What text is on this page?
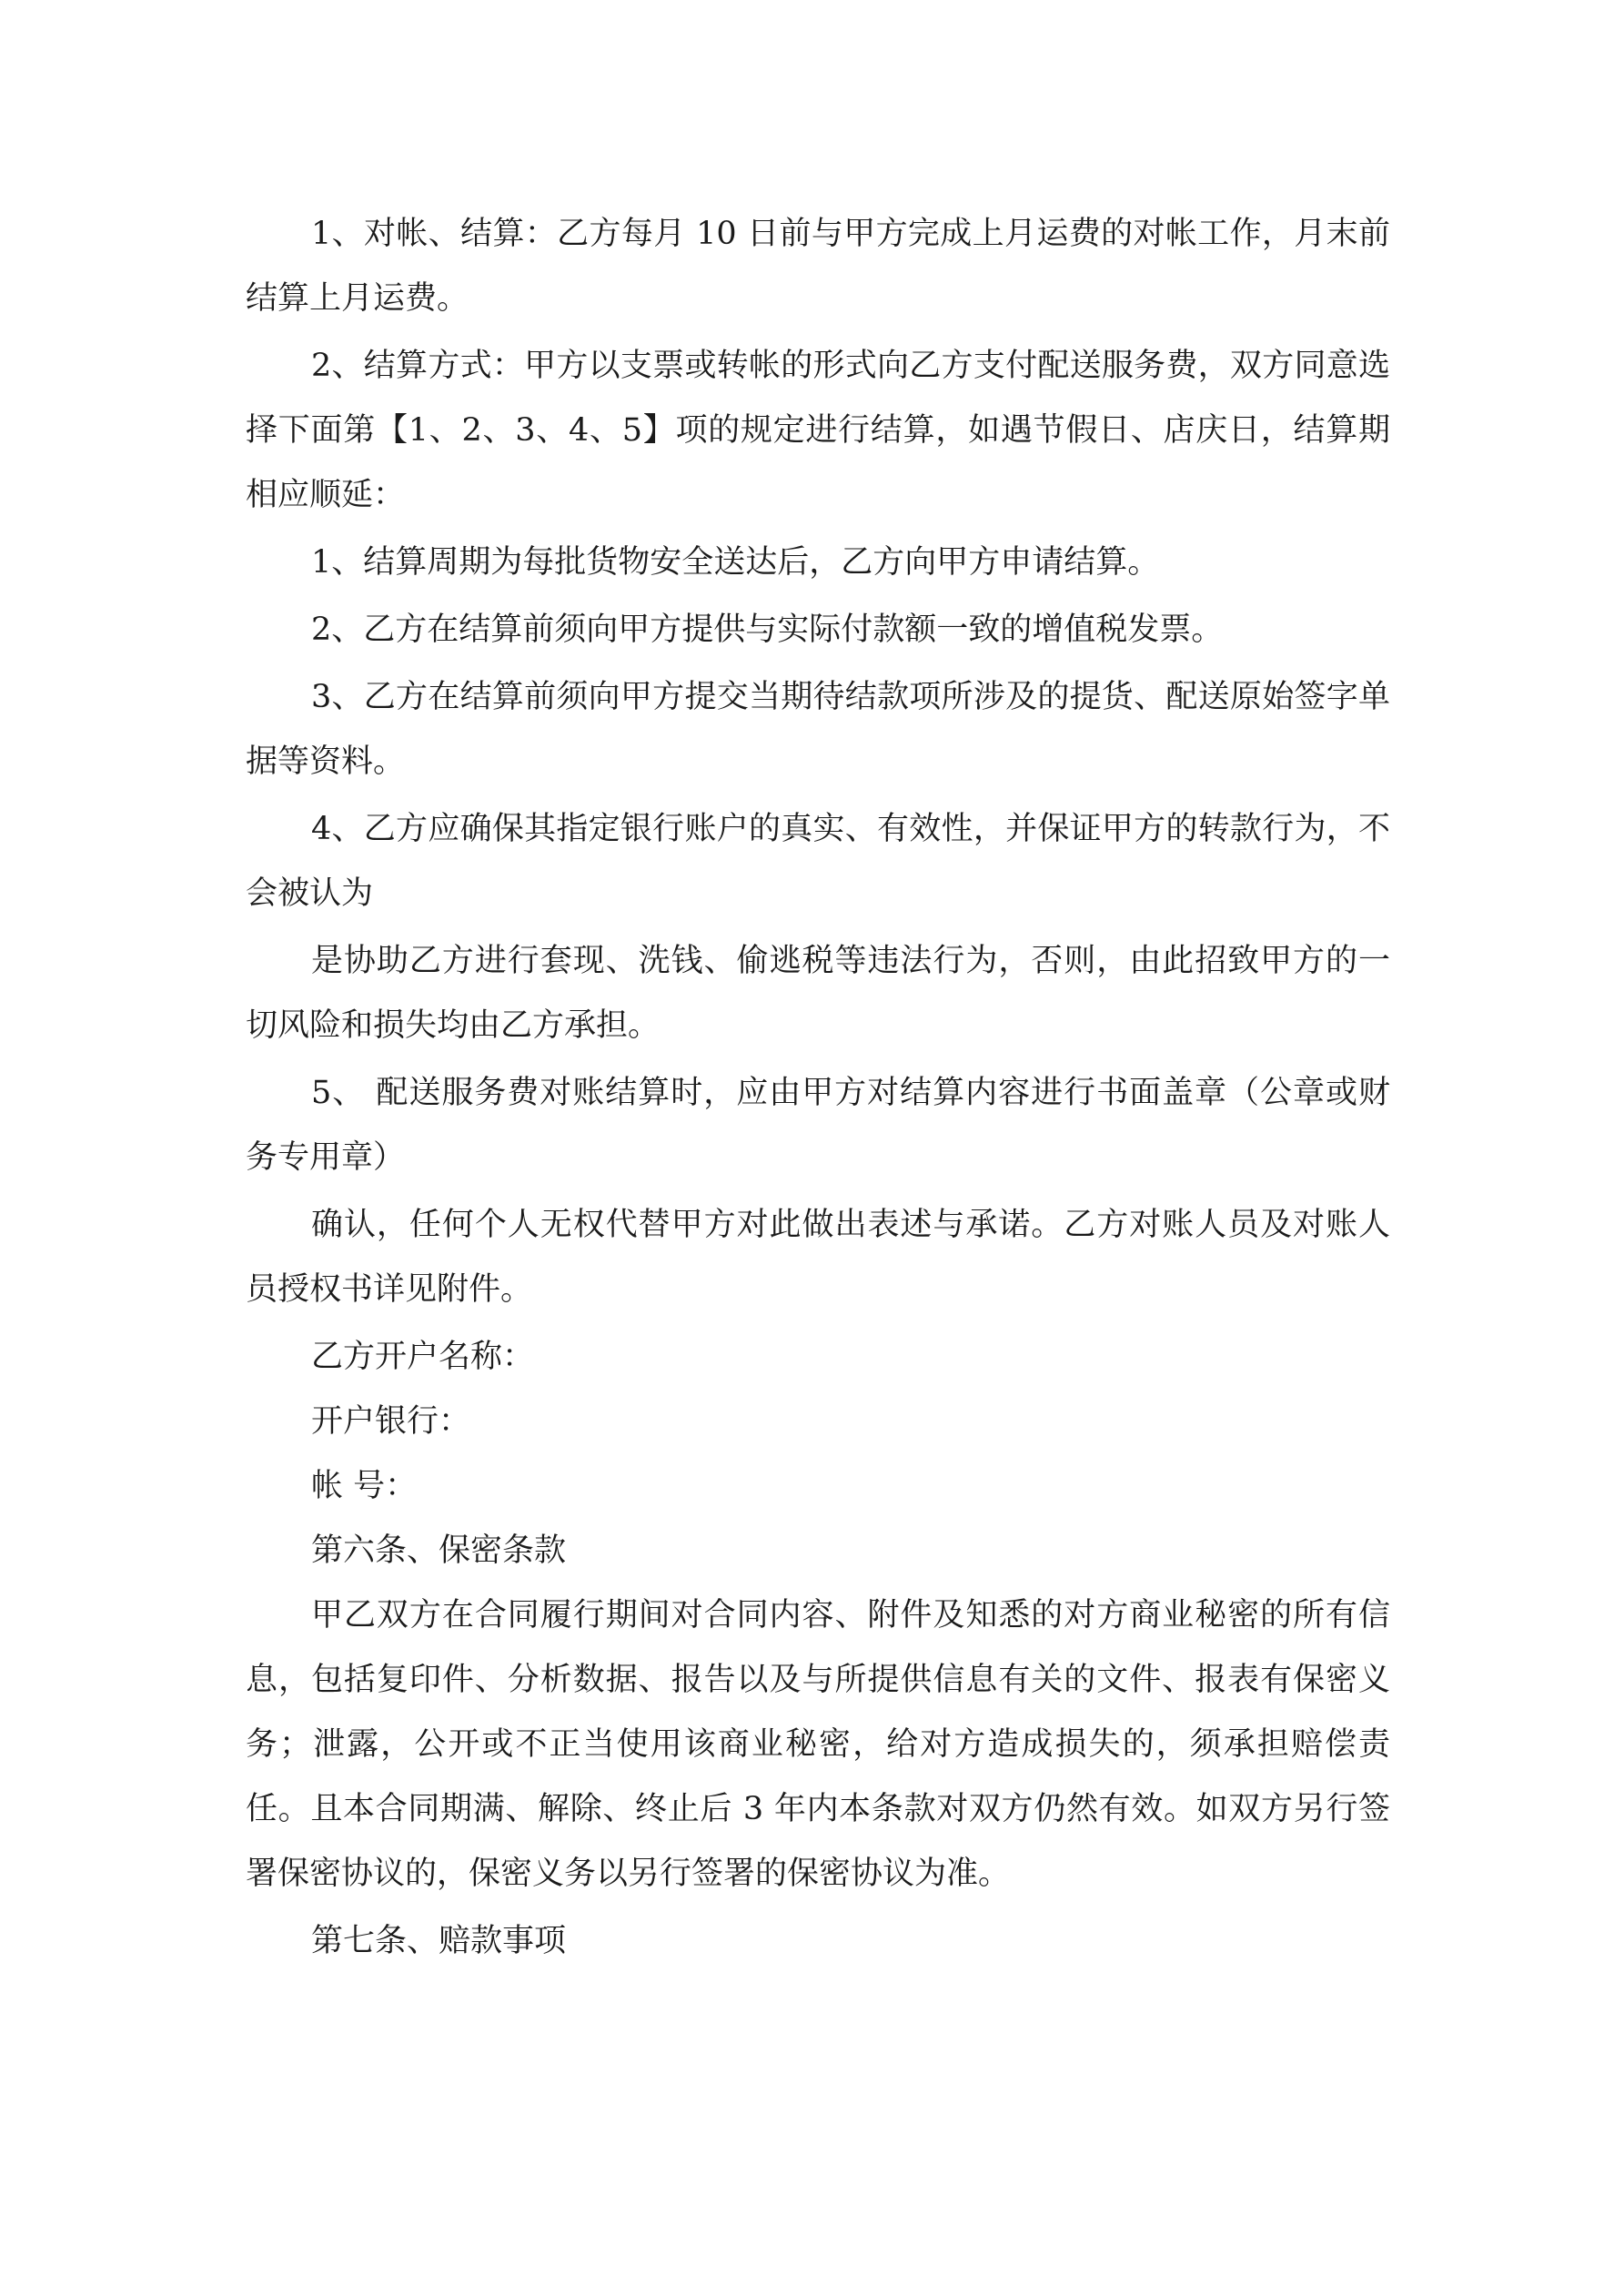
1、对帐、结算：乙方每月 10 日前与甲方完成上月运费的对帐工作，月末前结算上月运费。

2、结算方式：甲方以支票或转帐的形式向乙方支付配送服务费，双方同意选择下面第【1、2、3、4、5】项的规定进行结算，如遇节假日、店庆日，结算期相应顺延：

1、结算周期为每批货物安全送达后，乙方向甲方申请结算。

2、乙方在结算前须向甲方提供与实际付款额一致的增值税发票。

3、乙方在结算前须向甲方提交当期待结款项所涉及的提货、配送原始签字单据等资料。

4、乙方应确保其指定银行账户的真实、有效性，并保证甲方的转款行为，不会被认为

是协助乙方进行套现、洗钱、偷逃税等违法行为，否则，由此招致甲方的一切风险和损失均由乙方承担。

5、 配送服务费对账结算时，应由甲方对结算内容进行书面盖章（公章或财务专用章）

确认，任何个人无权代替甲方对此做出表述与承诺。乙方对账人员及对账人员授权书详见附件。

乙方开户名称：

开户银行：

帐 号：

第六条、保密条款

甲乙双方在合同履行期间对合同内容、附件及知悉的对方商业秘密的所有信息，包括复印件、分析数据、报告以及与所提供信息有关的文件、报表有保密义务；泄露，公开或不正当使用该商业秘密，给对方造成损失的，须承担赔偿责任。且本合同期满、解除、终止后 3 年内本条款对双方仍然有效。如双方另行签署保密协议的，保密义务以另行签署的保密协议为准。

第七条、赔款事项
